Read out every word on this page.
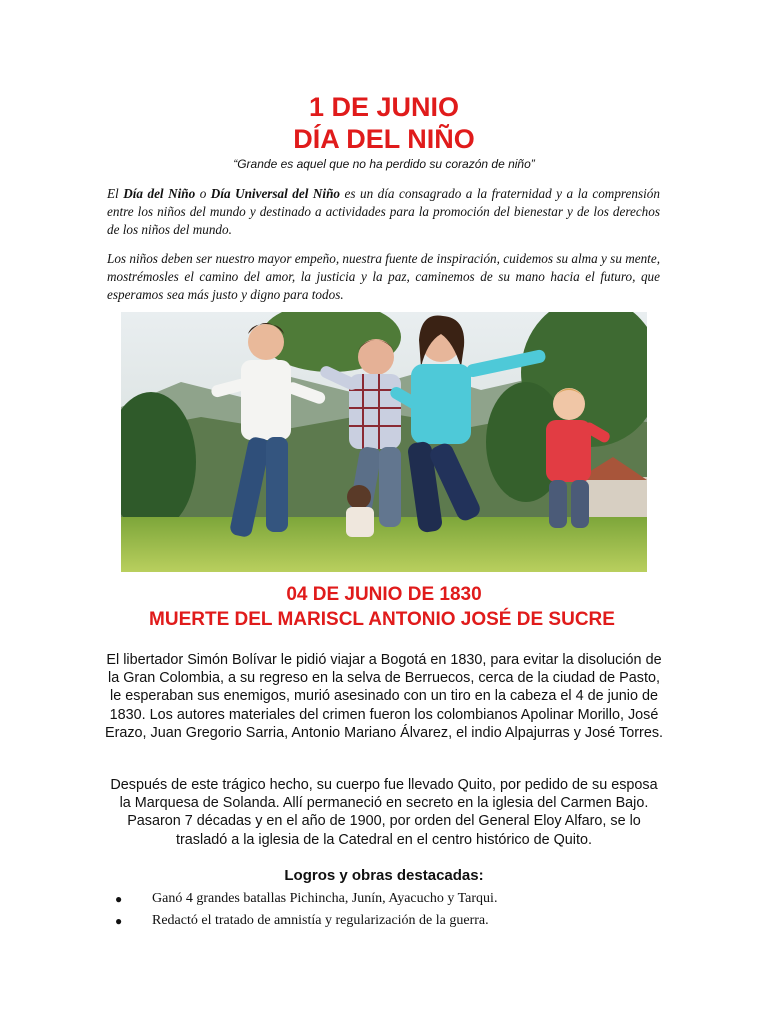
1 DE JUNIO
DÍA DEL NIÑO
“Grande es aquel que no ha perdido su corazón de niño”
El Día del Niño o Día Universal del Niño es un día consagrado a la fraternidad y a la comprensión entre los niños del mundo y destinado a actividades para la promoción del bienestar y de los derechos de los niños del mundo.
Los niños deben ser nuestro mayor empeño, nuestra fuente de inspiración, cuidemos su alma y su mente, mostrémosles el camino del amor, la justicia y la paz, caminemos de su mano hacia el futuro, que esperamos sea más justo y digno para todos.
04 DE JUNIO DE 1830
MUERTE DEL MARISCL ANTONIO JOSÉ DE SUCRE
El libertador Simón Bolívar le pidió viajar a Bogotá en 1830, para evitar la disolución de la Gran Colombia, a su regreso en la selva de Berruecos, cerca de la ciudad de Pasto, le esperaban sus enemigos, murió asesinado con un tiro en la cabeza el 4 de junio de 1830. Los autores materiales del crimen fueron los colombianos Apolinar Morillo, José Erazo, Juan Gregorio Sarria, Antonio Mariano Álvarez, el indio Alpajurras y José Torres.
Después de este trágico hecho, su cuerpo fue llevado Quito, por pedido de su esposa la Marquesa de Solanda. Allí permaneció en secreto en la iglesia del Carmen Bajo. Pasaron 7 décadas y en el año de 1900, por orden del General Eloy Alfaro, se lo trasladó a la iglesia de la Catedral en el centro histórico de Quito.
Logros y obras destacadas:
● Ganó 4 grandes batallas Pichincha, Junín, Ayacucho y Tarqui.
● Redactó el tratado de amnistía y regularización de la guerra.
